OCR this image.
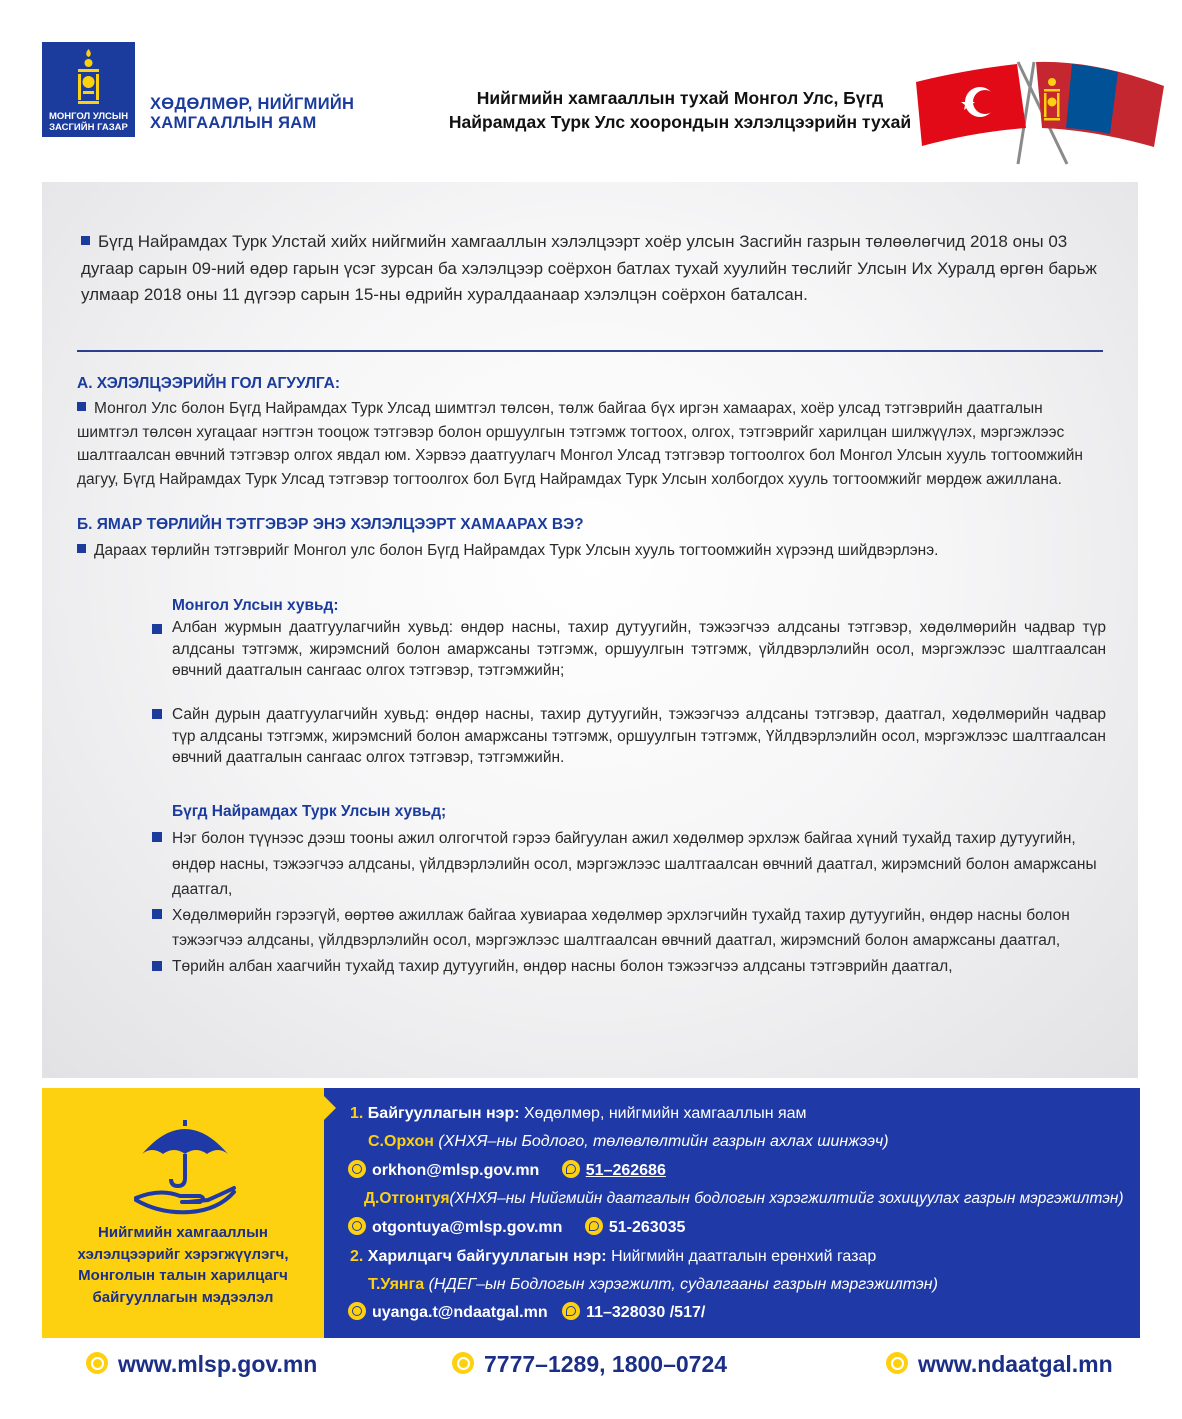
МОНГОЛ УЛСЫН
ЗАСГИЙН ГАЗАР
ХӨДӨЛМӨР, НИЙГМИЙН
ХАМГААЛЛЫН ЯАМ
Нийгмийн хамгааллын тухай Монгол Улс, Бүгд
Найрамдах Турк Улс хоорондын хэлэлцээрийн тухай
Бүгд Найрамдах Турк Улстай хийх нийгмийн хамгааллын хэлэлцээрт хоёр улсын Засгийн газрын төлөөлөгчид 2018 оны 03 дугаар сарын 09-ний өдөр гарын үсэг зурсан ба хэлэлцээр соёрхон батлах тухай хуулийн төслийг Улсын Их Хуралд өргөн барьж улмаар 2018 оны 11 дүгээр сарын 15-ны өдрийн хуралдаанаар хэлэлцэн соёрхон баталсан.
А. ХЭЛЭЛЦЭЭРИЙН ГОЛ АГУУЛГА:
Монгол Улс болон Бүгд Найрамдах Турк Улсад шимтгэл төлсөн, төлж байгаа бүх иргэн хамаарах, хоёр улсад тэтгэврийн даатгалын шимтгэл төлсөн хугацааг нэгтгэн тооцож тэтгэвэр болон оршуулгын тэтгэмж тогтоох, олгох, тэтгэврийг харилцан шилжүүлэх, мэргэжлээс шалтгаалсан өвчний тэтгэвэр олгох явдал юм. Хэрвээ даатгуулагч Монгол Улсад тэтгэвэр тогтоолгох бол Монгол Улсын хууль тогтоомжийн дагуу, Бүгд Найрамдах Турк Улсад тэтгэвэр тогтоолгох бол Бүгд Найрамдах Турк Улсын холбогдох хууль тогтоомжийг мөрдөж ажиллана.
Б. ЯМАР ТӨРЛИЙН ТЭТГЭВЭР ЭНЭ ХЭЛЭЛЦЭЭРТ ХАМААРАХ ВЭ?
Дараах төрлийн тэтгэврийг Монгол улс болон Бүгд Найрамдах Турк Улсын хууль тогтоомжийн хүрээнд шийдвэрлэнэ.
Монгол Улсын хувьд:
Албан журмын даатгуулагчийн хувьд: өндөр насны, тахир дутуугийн, тэжээгчээ алдсаны тэтгэвэр, хөдөлмөрийн чадвар түр алдсаны тэтгэмж, жирэмсний болон амаржсаны тэтгэмж, оршуулгын тэтгэмж, үйлдвэрлэлийн осол, мэргэжлээс шалтгаалсан өвчний даатгалын сангаас олгох тэтгэвэр, тэтгэмжийн;
Сайн дурын даатгуулагчийн хувьд: өндөр насны, тахир дутуугийн, тэжээгчээ алдсаны тэтгэвэр, даатгал, хөдөлмөрийн чадвар түр алдсаны тэтгэмж, жирэмсний болон амаржсаны тэтгэмж, оршуулгын тэтгэмж, Үйлдвэрлэлийн осол, мэргэжлээс шалтгаалсан өвчний даатгалын сангаас олгох тэтгэвэр, тэтгэмжийн.
Бүгд Найрамдах Турк Улсын хувьд;
Нэг болон түүнээс дээш тооны ажил олгогчтой гэрээ байгуулан ажил хөдөлмөр эрхлэж байгаа хүний тухайд тахир дутуугийн, өндөр насны, тэжээгчээ алдсаны, үйлдвэрлэлийн осол, мэргэжлээс шалтгаалсан өвчний даатгал, жирэмсний болон амаржсаны даатгал,
Хөдөлмөрийн гэрээгүй, өөртөө ажиллаж байгаа хувиараа хөдөлмөр эрхлэгчийн тухайд тахир дутуугийн, өндөр насны болон тэжээгчээ алдсаны, үйлдвэрлэлийн осол, мэргэжлээс шалтгаалсан өвчний даатгал, жирэмсний болон амаржсаны даатгал,
Төрийн албан хаагчийн тухайд тахир дутуугийн, өндөр насны болон тэжээгчээ алдсаны тэтгэврийн даатгал,
Нийгмийн хамгааллын
хэлэлцээрийг хэрэгжүүлэгч,
Монголын талын харилцагч
байгууллагын мэдээлэл
1. Байгууллагын нэр: Хөдөлмөр, нийгмийн хамгааллын яам
С.Орхон (ХНХЯ–ны Бодлого, төлөвлөлтийн газрын ахлах шинжээч)
orkhon@mlsp.gov.mn	51–262686
Д.Отгонтуя(ХНХЯ–ны Нийгмийн даатгалын бодлогын хэрэгжилтийг зохицуулах газрын мэргэжилтэн)
otgontuya@mlsp.gov.mn	51-263035
2. Харилцагч байгууллагын нэр: Нийгмийн даатгалын ерөнхий газар
Т.Уянга (НДЕГ–ын Бодлогын хэрэгжилт, судалгааны газрын мэргэжилтэн)
uyanga.t@ndaatgal.mn 11–328030 /517/
www.mlsp.gov.mn	7777–1289, 1800–0724	www.ndaatgal.mn
